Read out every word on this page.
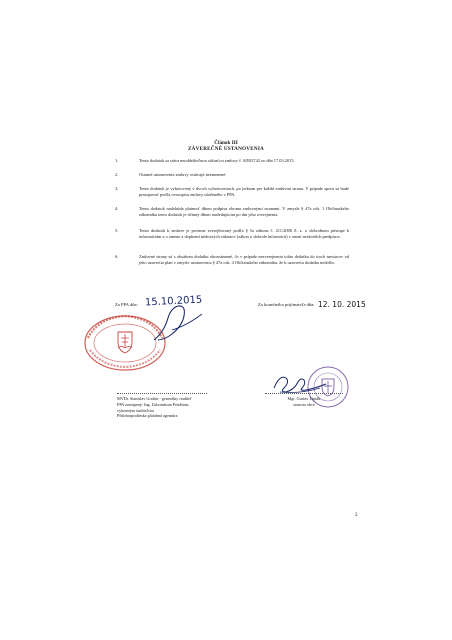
Článok III
ZÁVEREČNÉ USTANOVENIA
1.	Tento dodatok sa stáva neoddeliteľnou súčasťou zmluvy č. KE02742 zo dňa 17.03.2015.
2.	Ostatné ustanovenia zmluvy ostávajú nezmenené.
3.	Tento dodatok je vyhotovený v dvoch vyhotoveniach, po jednom pre každú zmluvnú stranu. V prípade sporu sa bude postupovať podľa rovnopisu zmluvy uloženého v PPA.
4.	Tento dodatok nadobúda platnosť dňom podpisu oboma zmluvnými stranami. V zmysle § 47a ods. 1 Občianskeho zákonníka tento dodatok je účinný dňom nasledujúcim po dni jeho zverejnenia.
5.	Tento dodatok k zmluve je povinne zverejňovaný podľa § 5a zákona č. 211/2000 Z. z. o slobodnom prístupe k informáciám a o zmene a doplnení niektorých zákonov (zákon o slobode informácií) v znení neskorších predpisov.
6.	Zmluvné strany sú s obsahom dodatku oboznámené, čo v prípade nezverejnenia tohto dodatku do troch mesiacov od jeho uzavretia platí v zmysle ustanovenia § 47a ods. 4 Občianskeho zákonníka, že k uzavretiu dodatku nedošlo.
Za PPA dňa: 15.10.2015
MVDr. Stanislav Grobár - generálny riaditeľ
PPA zastúpený: Ing. Ľubomírom Petrášom,
vykonným riaditeľom
Pôdohospodárska platobná agentúra
Za konečného prijímateľa dňa: 12. 10. 2015
Mgr. Gustáv Lipták
starosta obce
2
